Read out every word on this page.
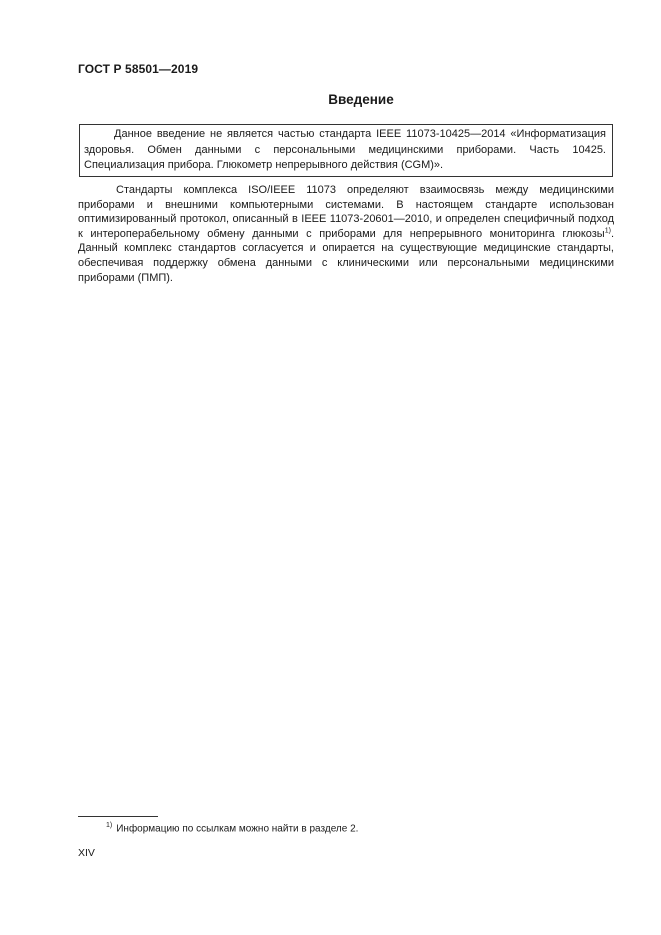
ГОСТ Р 58501—2019
Введение
Данное введение не является частью стандарта IEEE 11073-10425—2014 «Информатизация здоровья. Обмен данными с персональными медицинскими приборами. Часть 10425. Специализация прибора. Глюкометр непрерывного действия (CGM)».

Стандарты комплекса ISO/IEEE 11073 определяют взаимосвязь между медицинскими приборами и внешними компьютерными системами. В настоящем стандарте использован оптимизированный протокол, описанный в IEEE 11073-20601—2010, и определен специфичный подход к интероперабельному обмену данными с приборами для непрерывного мониторинга глюкозы$^{1)}$. Данный комплекс стандартов согласуется и опирается на существующие медицинские стандарты, обеспечивая поддержку обмена данными с клиническими или персональными медицинскими приборами (ПМП).

$^{1)}$ Информацию по ссылкам можно найти в разделе 2.
XIV
